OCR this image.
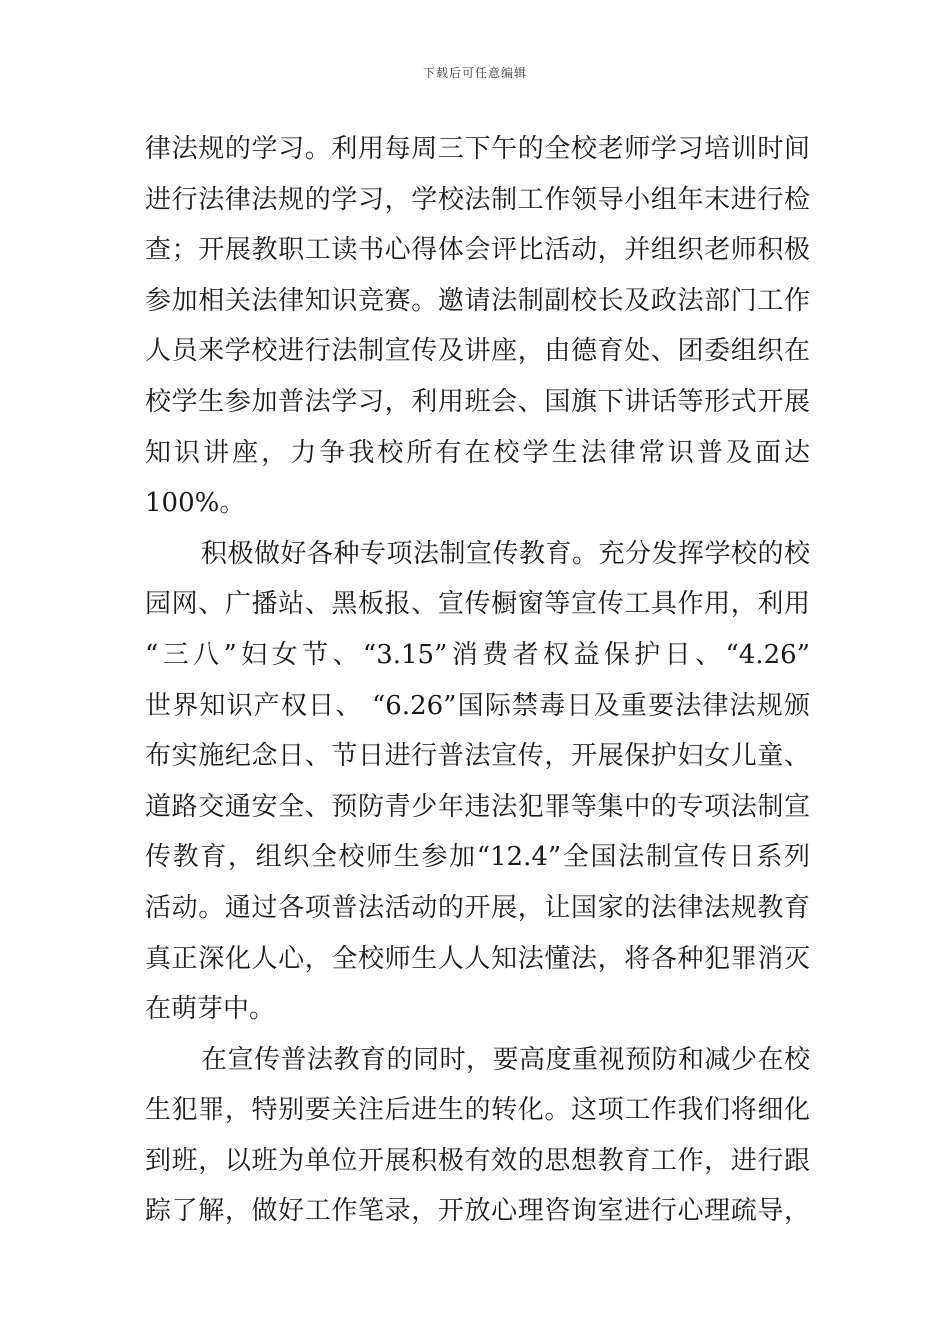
下载后可任意编辑
律法规的学习。利用每周三下午的全校老师学习培训时间
进行法律法规的学习，学校法制工作领导小组年末进行检
查；开展教职工读书心得体会评比活动，并组织老师积极
参加相关法律知识竞赛。邀请法制副校长及政法部门工作
人员来学校进行法制宣传及讲座，由德育处、团委组织在
校学生参加普法学习，利用班会、国旗下讲话等形式开展
知识讲座，力争我校所有在校学生法律常识普及面达
100%。
积极做好各种专项法制宣传教育。充分发挥学校的校
园网、广播站、黑板报、宣传橱窗等宣传工具作用，利用
“三八”妇女节、“3.15”消费者权益保护日、“4.26”
世界知识产权日、 “6.26”国际禁毒日及重要法律法规颁
布实施纪念日、节日进行普法宣传，开展保护妇女儿童、
道路交通安全、预防青少年违法犯罪等集中的专项法制宣
传教育，组织全校师生参加“12.4”全国法制宣传日系列
活动。通过各项普法活动的开展，让国家的法律法规教育
真正深化人心，全校师生人人知法懂法，将各种犯罪消灭
在萌芽中。
在宣传普法教育的同时，要高度重视预防和减少在校
生犯罪，特别要关注后进生的转化。这项工作我们将细化
到班，以班为单位开展积极有效的思想教育工作，进行跟
踪了解，做好工作笔录，开放心理咨询室进行心理疏导，
